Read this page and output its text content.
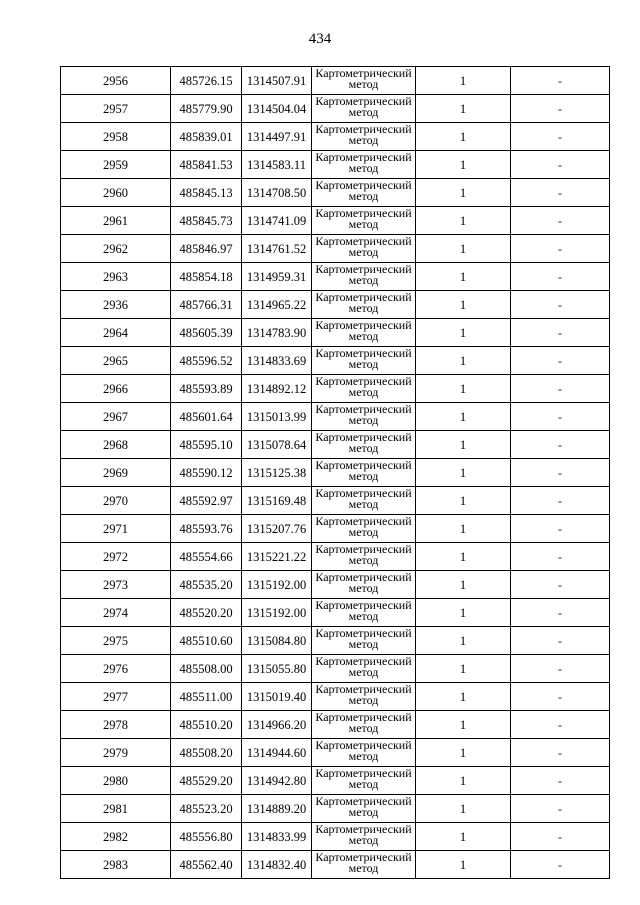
434
2956	485726.15	1314507.91	Картометрический метод	1	-
2957	485779.90	1314504.04	Картометрический метод	1	-
2958	485839.01	1314497.91	Картометрический метод	1	-
2959	485841.53	1314583.11	Картометрический метод	1	-
2960	485845.13	1314708.50	Картометрический метод	1	-
2961	485845.73	1314741.09	Картометрический метод	1	-
2962	485846.97	1314761.52	Картометрический метод	1	-
2963	485854.18	1314959.31	Картометрический метод	1	-
2936	485766.31	1314965.22	Картометрический метод	1	-
2964	485605.39	1314783.90	Картометрический метод	1	-
2965	485596.52	1314833.69	Картометрический метод	1	-
2966	485593.89	1314892.12	Картометрический метод	1	-
2967	485601.64	1315013.99	Картометрический метод	1	-
2968	485595.10	1315078.64	Картометрический метод	1	-
2969	485590.12	1315125.38	Картометрический метод	1	-
2970	485592.97	1315169.48	Картометрический метод	1	-
2971	485593.76	1315207.76	Картометрический метод	1	-
2972	485554.66	1315221.22	Картометрический метод	1	-
2973	485535.20	1315192.00	Картометрический метод	1	-
2974	485520.20	1315192.00	Картометрический метод	1	-
2975	485510.60	1315084.80	Картометрический метод	1	-
2976	485508.00	1315055.80	Картометрический метод	1	-
2977	485511.00	1315019.40	Картометрический метод	1	-
2978	485510.20	1314966.20	Картометрический метод	1	-
2979	485508.20	1314944.60	Картометрический метод	1	-
2980	485529.20	1314942.80	Картометрический метод	1	-
2981	485523.20	1314889.20	Картометрический метод	1	-
2982	485556.80	1314833.99	Картометрический метод	1	-
2983	485562.40	1314832.40	Картометрический метод	1	-
